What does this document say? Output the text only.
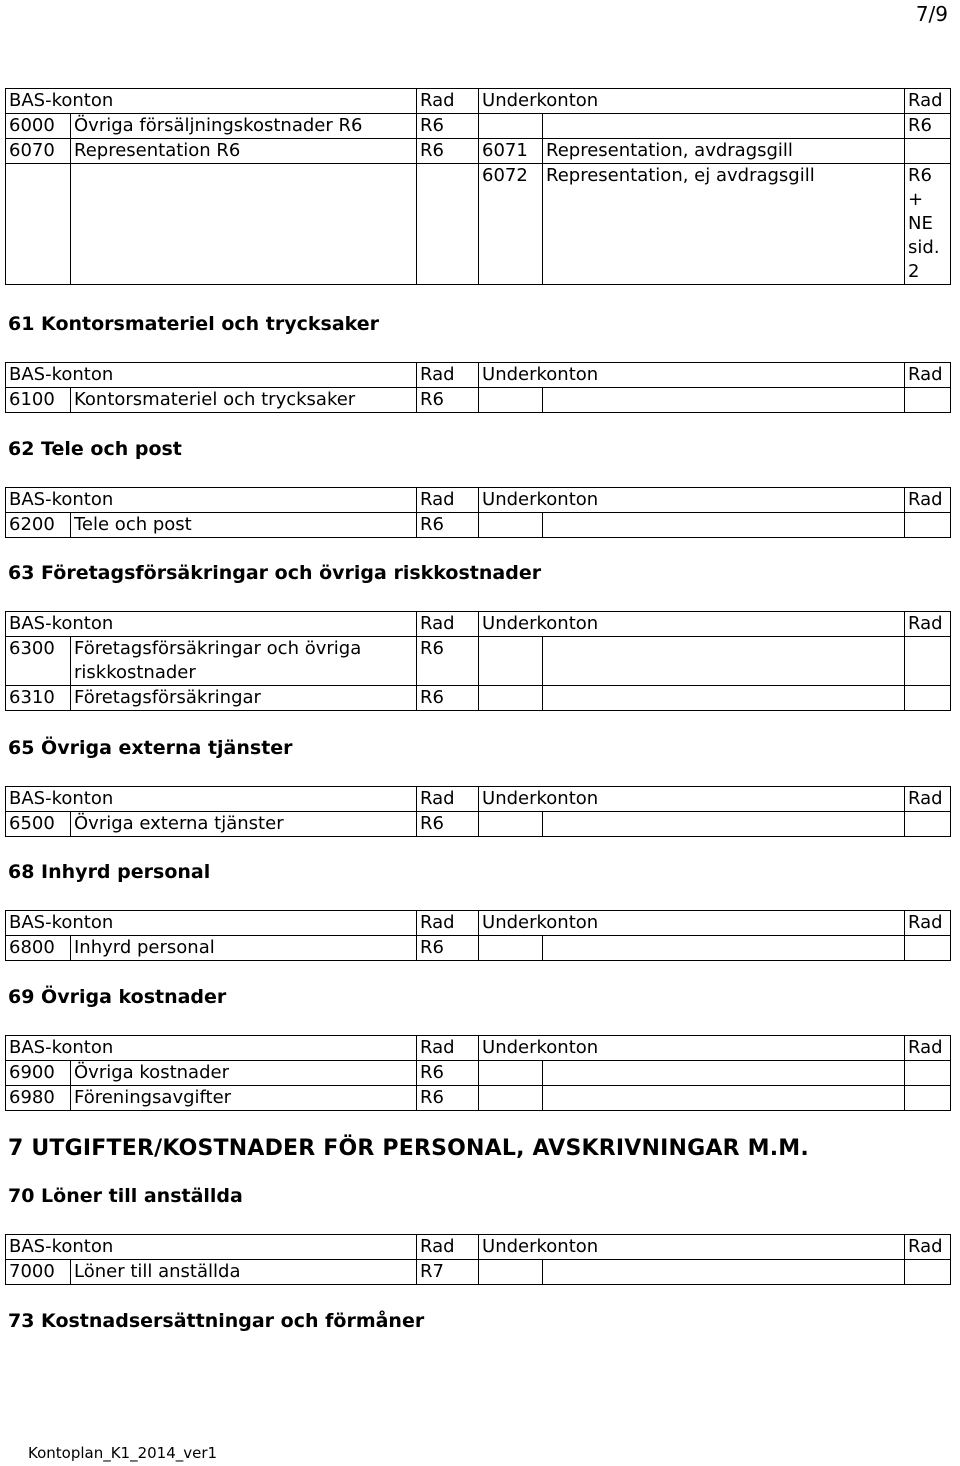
7/9
BAS-konton		Rad	Underkonton		Rad
6000	Övriga försäljningskostnader R6	R6			R6
6070	Representation R6	R6	6071	Representation, avdragsgill	
			6072	Representation, ej avdragsgill	R6+ NE sid. 2
61 Kontorsmateriel och trycksaker
BAS-konton		Rad	Underkonton		Rad
6100	Kontorsmateriel och trycksaker	R6			
62 Tele och post
BAS-konton		Rad	Underkonton		Rad
6200	Tele och post	R6			
63 Företagsförsäkringar och övriga riskkostnader
BAS-konton		Rad	Underkonton		Rad
6300	Företagsförsäkringar och övriga riskkostnader	R6			
6310	Företagsförsäkringar	R6			
65 Övriga externa tjänster
BAS-konton		Rad	Underkonton		Rad
6500	Övriga externa tjänster	R6			
68 Inhyrd personal
BAS-konton		Rad	Underkonton		Rad
6800	Inhyrd personal	R6			
69 Övriga kostnader
BAS-konton		Rad	Underkonton		Rad
6900	Övriga kostnader	R6			
6980	Föreningsavgifter	R6			
7 UTGIFTER/KOSTNADER FÖR PERSONAL, AVSKRIVNINGAR M.M.
70 Löner till anställda
BAS-konton		Rad	Underkonton		Rad
7000	Löner till anställda	R7			
73 Kostnadsersättningar och förmåner
Kontoplan_K1_2014_ver1
